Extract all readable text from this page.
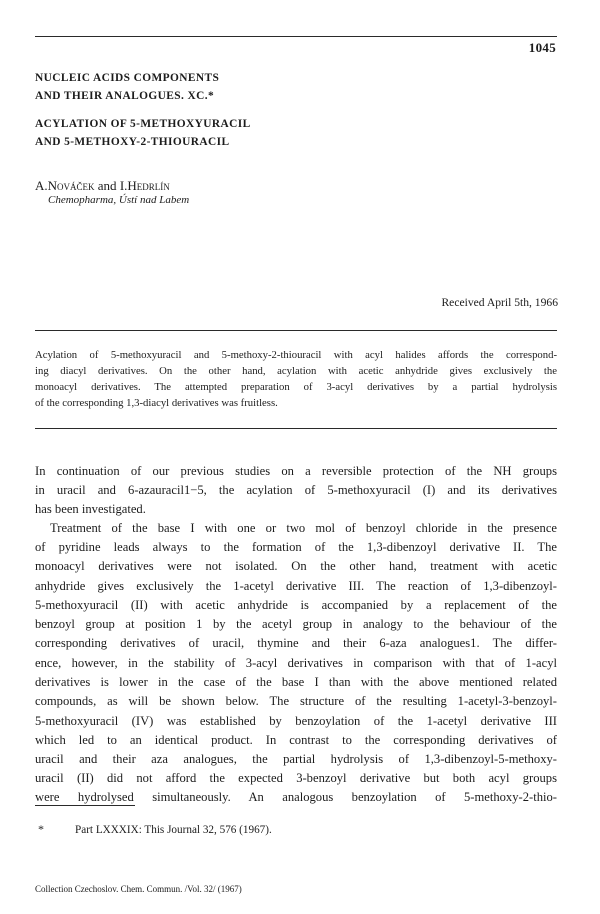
1045
NUCLEIC ACIDS COMPONENTS
AND THEIR ANALOGUES. XC.*
ACYLATION OF 5-METHOXYURACIL
AND 5-METHOXY-2-THIOURACIL
A.Nováček and I.Hedrlín
Chemopharma, Ústí nad Labem
Received April 5th, 1966
Acylation of 5-methoxyuracil and 5-methoxy-2-thiouracil with acyl halides affords the correspond-
ing diacyl derivatives. On the other hand, acylation with acetic anhydride gives exclusively the
monoacyl derivatives. The attempted preparation of 3-acyl derivatives by a partial hydrolysis
of the corresponding 1,3-diacyl derivatives was fruitless.
In continuation of our previous studies on a reversible protection of the NH groups
in uracil and 6-azauracil1−5, the acylation of 5-methoxyuracil (I) and its derivatives
has been investigated.
Treatment of the base I with one or two mol of benzoyl chloride in the presence
of pyridine leads always to the formation of the 1,3-dibenzoyl derivative II. The
monoacyl derivatives were not isolated. On the other hand, treatment with acetic
anhydride gives exclusively the 1-acetyl derivative III. The reaction of 1,3-dibenzoyl-
5-methoxyuracil (II) with acetic anhydride is accompanied by a replacement of the
benzoyl group at position 1 by the acetyl group in analogy to the behaviour of the
corresponding derivatives of uracil, thymine and their 6-aza analogues1. The differ-
ence, however, in the stability of 3-acyl derivatives in comparison with that of 1-acyl
derivatives is lower in the case of the base I than with the above mentioned related
compounds, as will be shown below. The structure of the resulting 1-acetyl-3-benzoyl-
5-methoxyuracil (IV) was established by benzoylation of the 1-acetyl derivative III
which led to an identical product. In contrast to the corresponding derivatives of
uracil and their aza analogues, the partial hydrolysis of 1,3-dibenzoyl-5-methoxy-
uracil (II) did not afford the expected 3-benzoyl derivative but both acyl groups
were hydrolysed simultaneously. An analogous benzoylation of 5-methoxy-2-thio-
*	Part LXXXIX: This Journal 32, 576 (1967).
Collection Czechoslov. Chem. Commun. /Vol. 32/ (1967)
